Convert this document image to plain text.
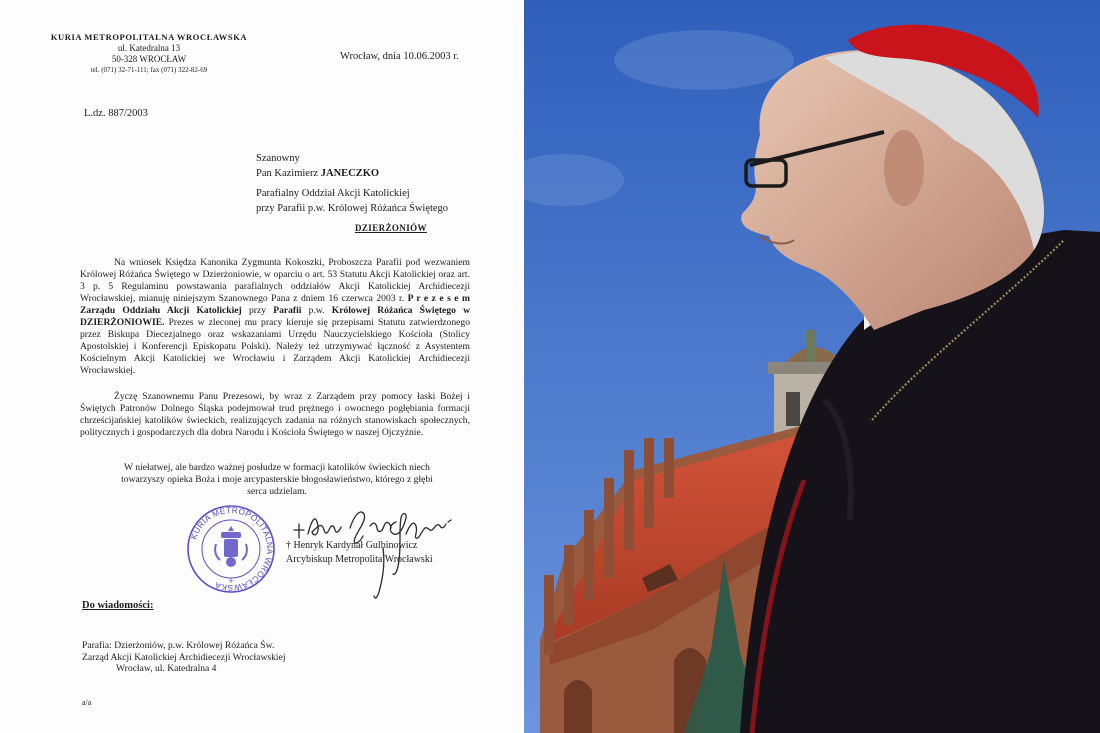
KURIA METROPOLITALNA WROCŁAWSKA
ul. Katedralna 13
50-328 WROCŁAW
tel. (071) 32-71-111; fax (071) 322-82-69
Wrocław, dnia 10.06.2003 r.
L.dz. 887/2003
Szanowny
Pan Kazimierz JANECZKO
Parafialny Oddział Akcji Katolickiej
przy Parafii p.w. Królowej Różańca Świętego
DZIERŻONIÓW

Na wniosek Księdza Kanonika Zygmunta Kokoszki, Proboszcza Parafii pod wezwaniem Królowej Różańca Świętego w Dzierżoniowie, w oparciu o art. 53 Statutu Akcji Katolickiej oraz art. 3 p. 5 Regulaminu powstawania parafialnych oddziałów Akcji Katolickiej Archidiecezji Wrocławskiej, mianuję niniejszym Szanownego Pana z dniem 16 czerwca 2003 r. P r e z e s e m Zarządu Oddziału Akcji Katolickiej przy Parafii p.w. Królowej Różańca Świętego w DZIERŻONIOWIE. Prezes w zleconej mu pracy kieruje się przepisami Statutu zatwierdzonego przez Biskupa Diecezjalnego oraz wskazaniami Urzędu Nauczycielskiego Kościoła (Stolicy Apostolskiej i Konferencji Episkopatu Polski). Należy też utrzymywać łączność z Asystentem Kościelnym Akcji Katolickiej we Wrocławiu i Zarządem Akcji Katolickiej Archidiecezji Wrocławskiej.

Życzę Szanownemu Panu Prezesowi, by wraz z Zarządem przy pomocy łaski Bożej i Świętych Patronów Dolnego Śląska podejmował trud prężnego i owocnego pogłębiania formacji chrześcijańskiej katolików świeckich, realizujących zadania na różnych stanowiskach społecznych, politycznych i gospodarczych dla dobra Narodu i Kościoła Świętego w naszej Ojczyźnie.

W niełatwej, ale bardzo ważnej posłudze w formacji katolików świeckich niech towarzyszy opieka Boża i moje arcypasterskie błogosławieństwo, którego z głębi serca udzielam.

KURIA METROPOLITALNA WROCŁAWSKA +
† Henryk Kardynał Gulbinowicz
Arcybiskup Metropolita Wrocławski
Do wiadomości:
Parafia: Dzierżoniów, p.w. Królowej Różańca Św.
Zarząd Akcji Katolickiej Archidiecezji Wrocławskiej
Wrocław, ul. Katedralna 4
a/a
